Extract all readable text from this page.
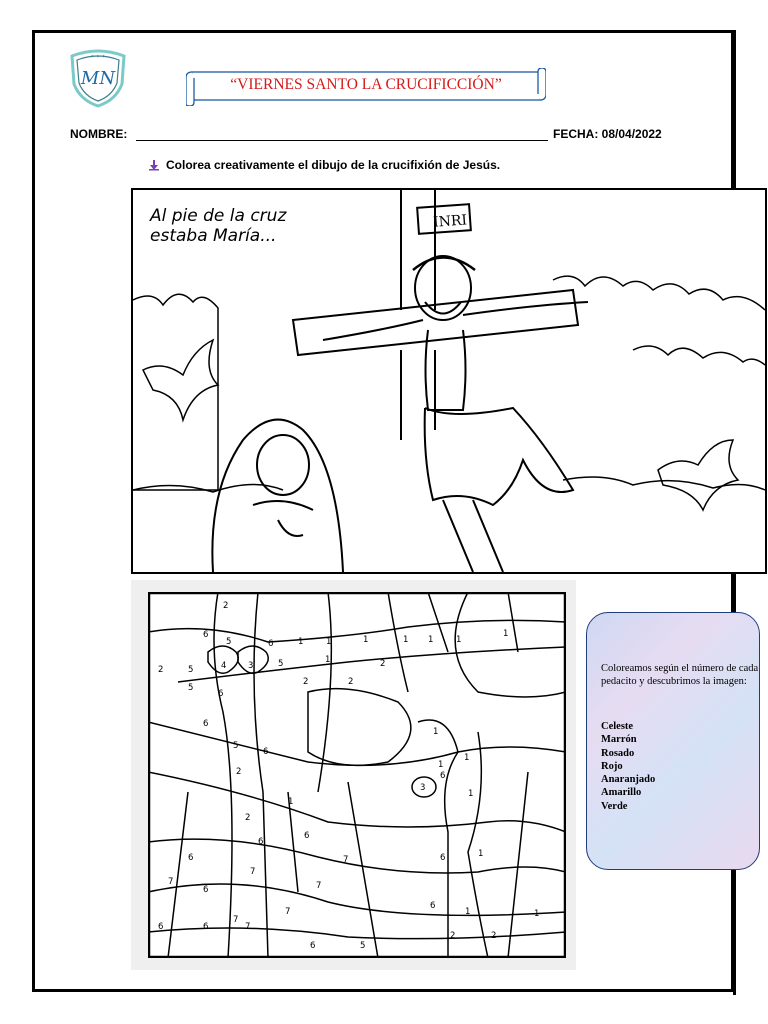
✦ ✦ ✦
MN	“VIERNES SANTO LA CRUCIFICCIÓN”
NOMBRE:	FECHA: 08/04/2022
Colorea creativamente el dibujo de la crucifixión de Jesús.
INRI
Al pie de la cruz
estaba María...
2
6
5	6	1	1	1	1 1	1
1
1
2	5	4	3	5	2
2	2
5
6
6
5
6
2
1
1
1
1
2
1
6
3
6
6
6	7
1
6
7
7
6	7
6
7
6
7
1	1
6	7
6	5
2	2
Coloreamos según el número de cada pedacito y descubrimos la imagen:
Celeste
Marrón
Rosado
Rojo
Anaranjado
Amarillo
Verde
